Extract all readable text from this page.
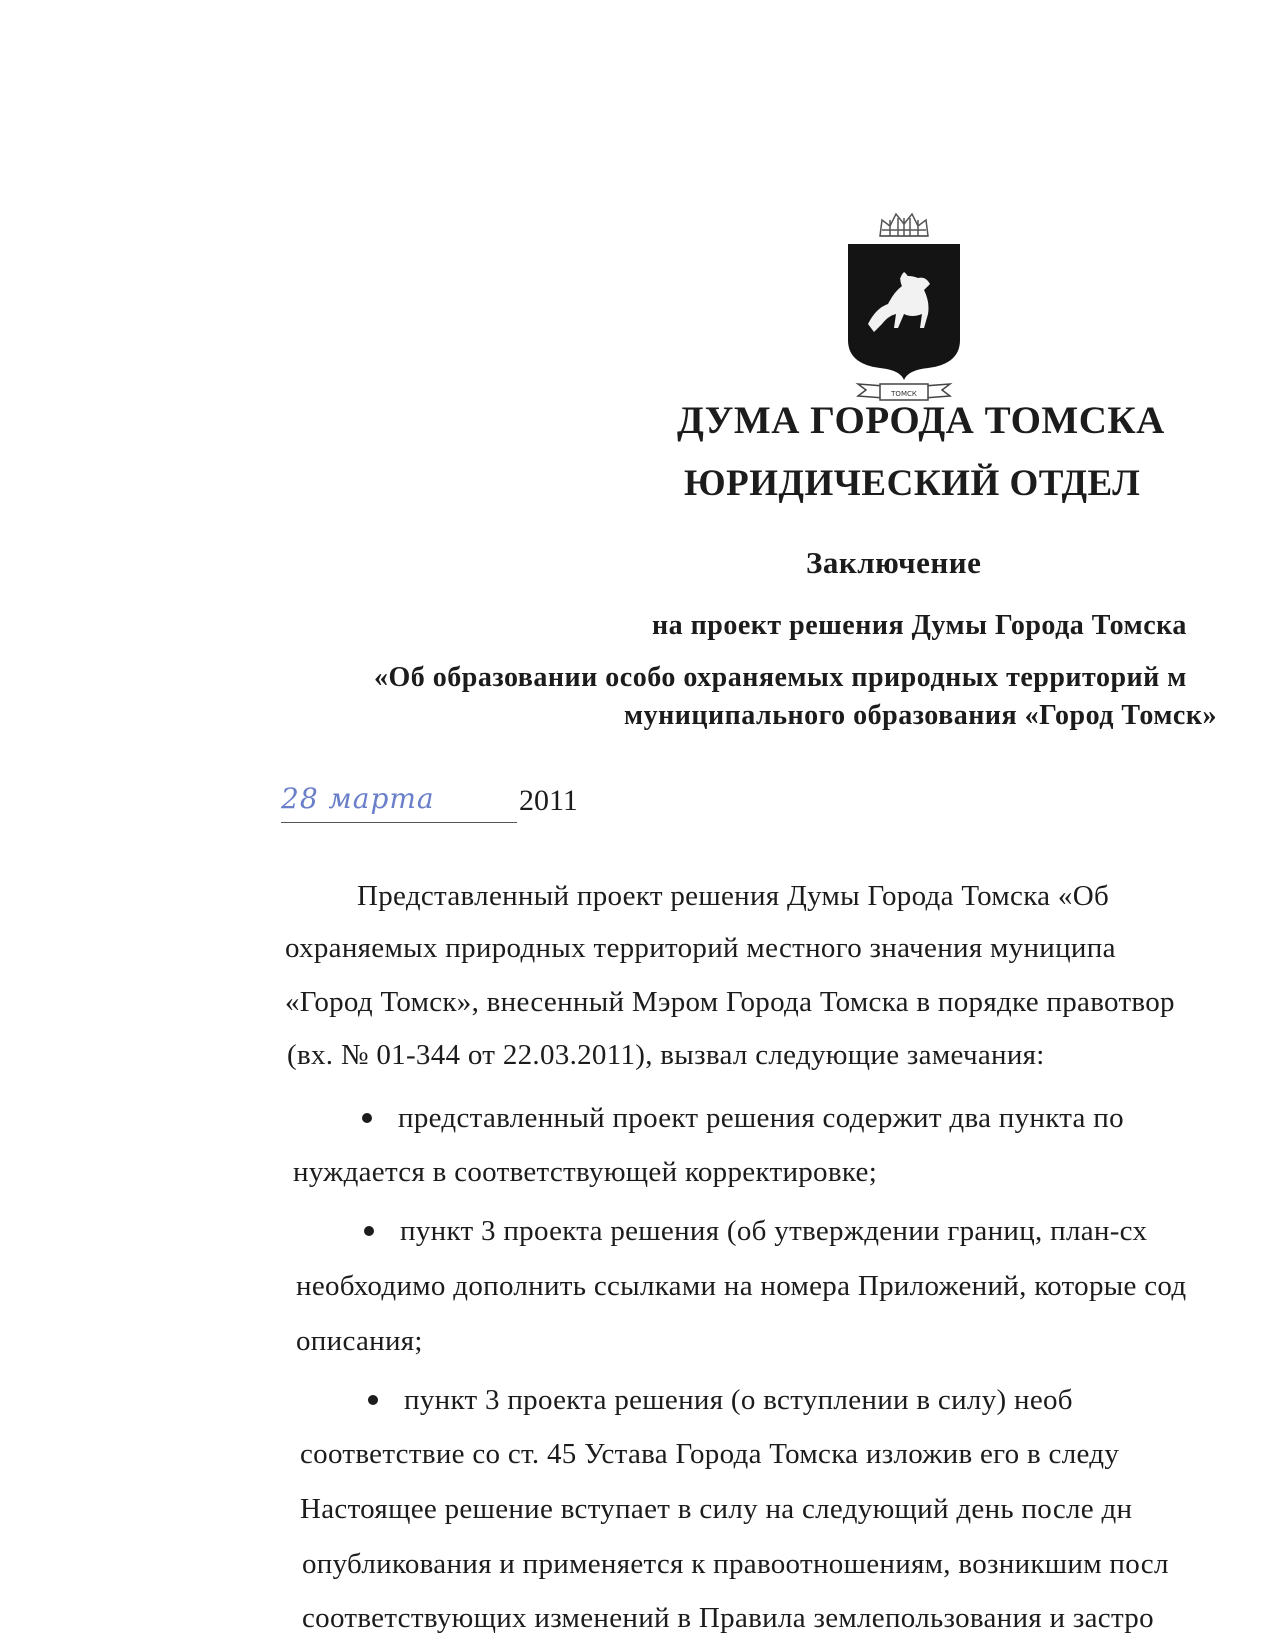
ТОМСК
ДУМА ГОРОДА ТОМСКА
ЮРИДИЧЕСКИЙ ОТДЕЛ
Заключение
на проект решения Думы Города Томска
«Об образовании особо охраняемых природных территорий м
муниципального образования «Город Томск»
28 марта	2011
Представленный проект решения Думы Города Томска «Об
охраняемых природных территорий местного значения муниципа
«Город Томск», внесенный Мэром Города Томска в порядке правотвор
(вх. № 01-344 от 22.03.2011), вызвал следующие замечания:
представленный проект решения содержит два пункта по
нуждается в соответствующей корректировке;
пункт 3 проекта решения (об утверждении границ, план-сх
необходимо дополнить ссылками на номера Приложений, которые сод
описания;
пункт 3 проекта решения (о вступлении в силу) необ
соответствие со ст. 45 Устава Города Томска изложив его в следу
Настоящее решение вступает в силу на следующий день после дн
опубликования и применяется к правоотношениям, возникшим посл
соответствующих изменений в Правила землепользования и застро
